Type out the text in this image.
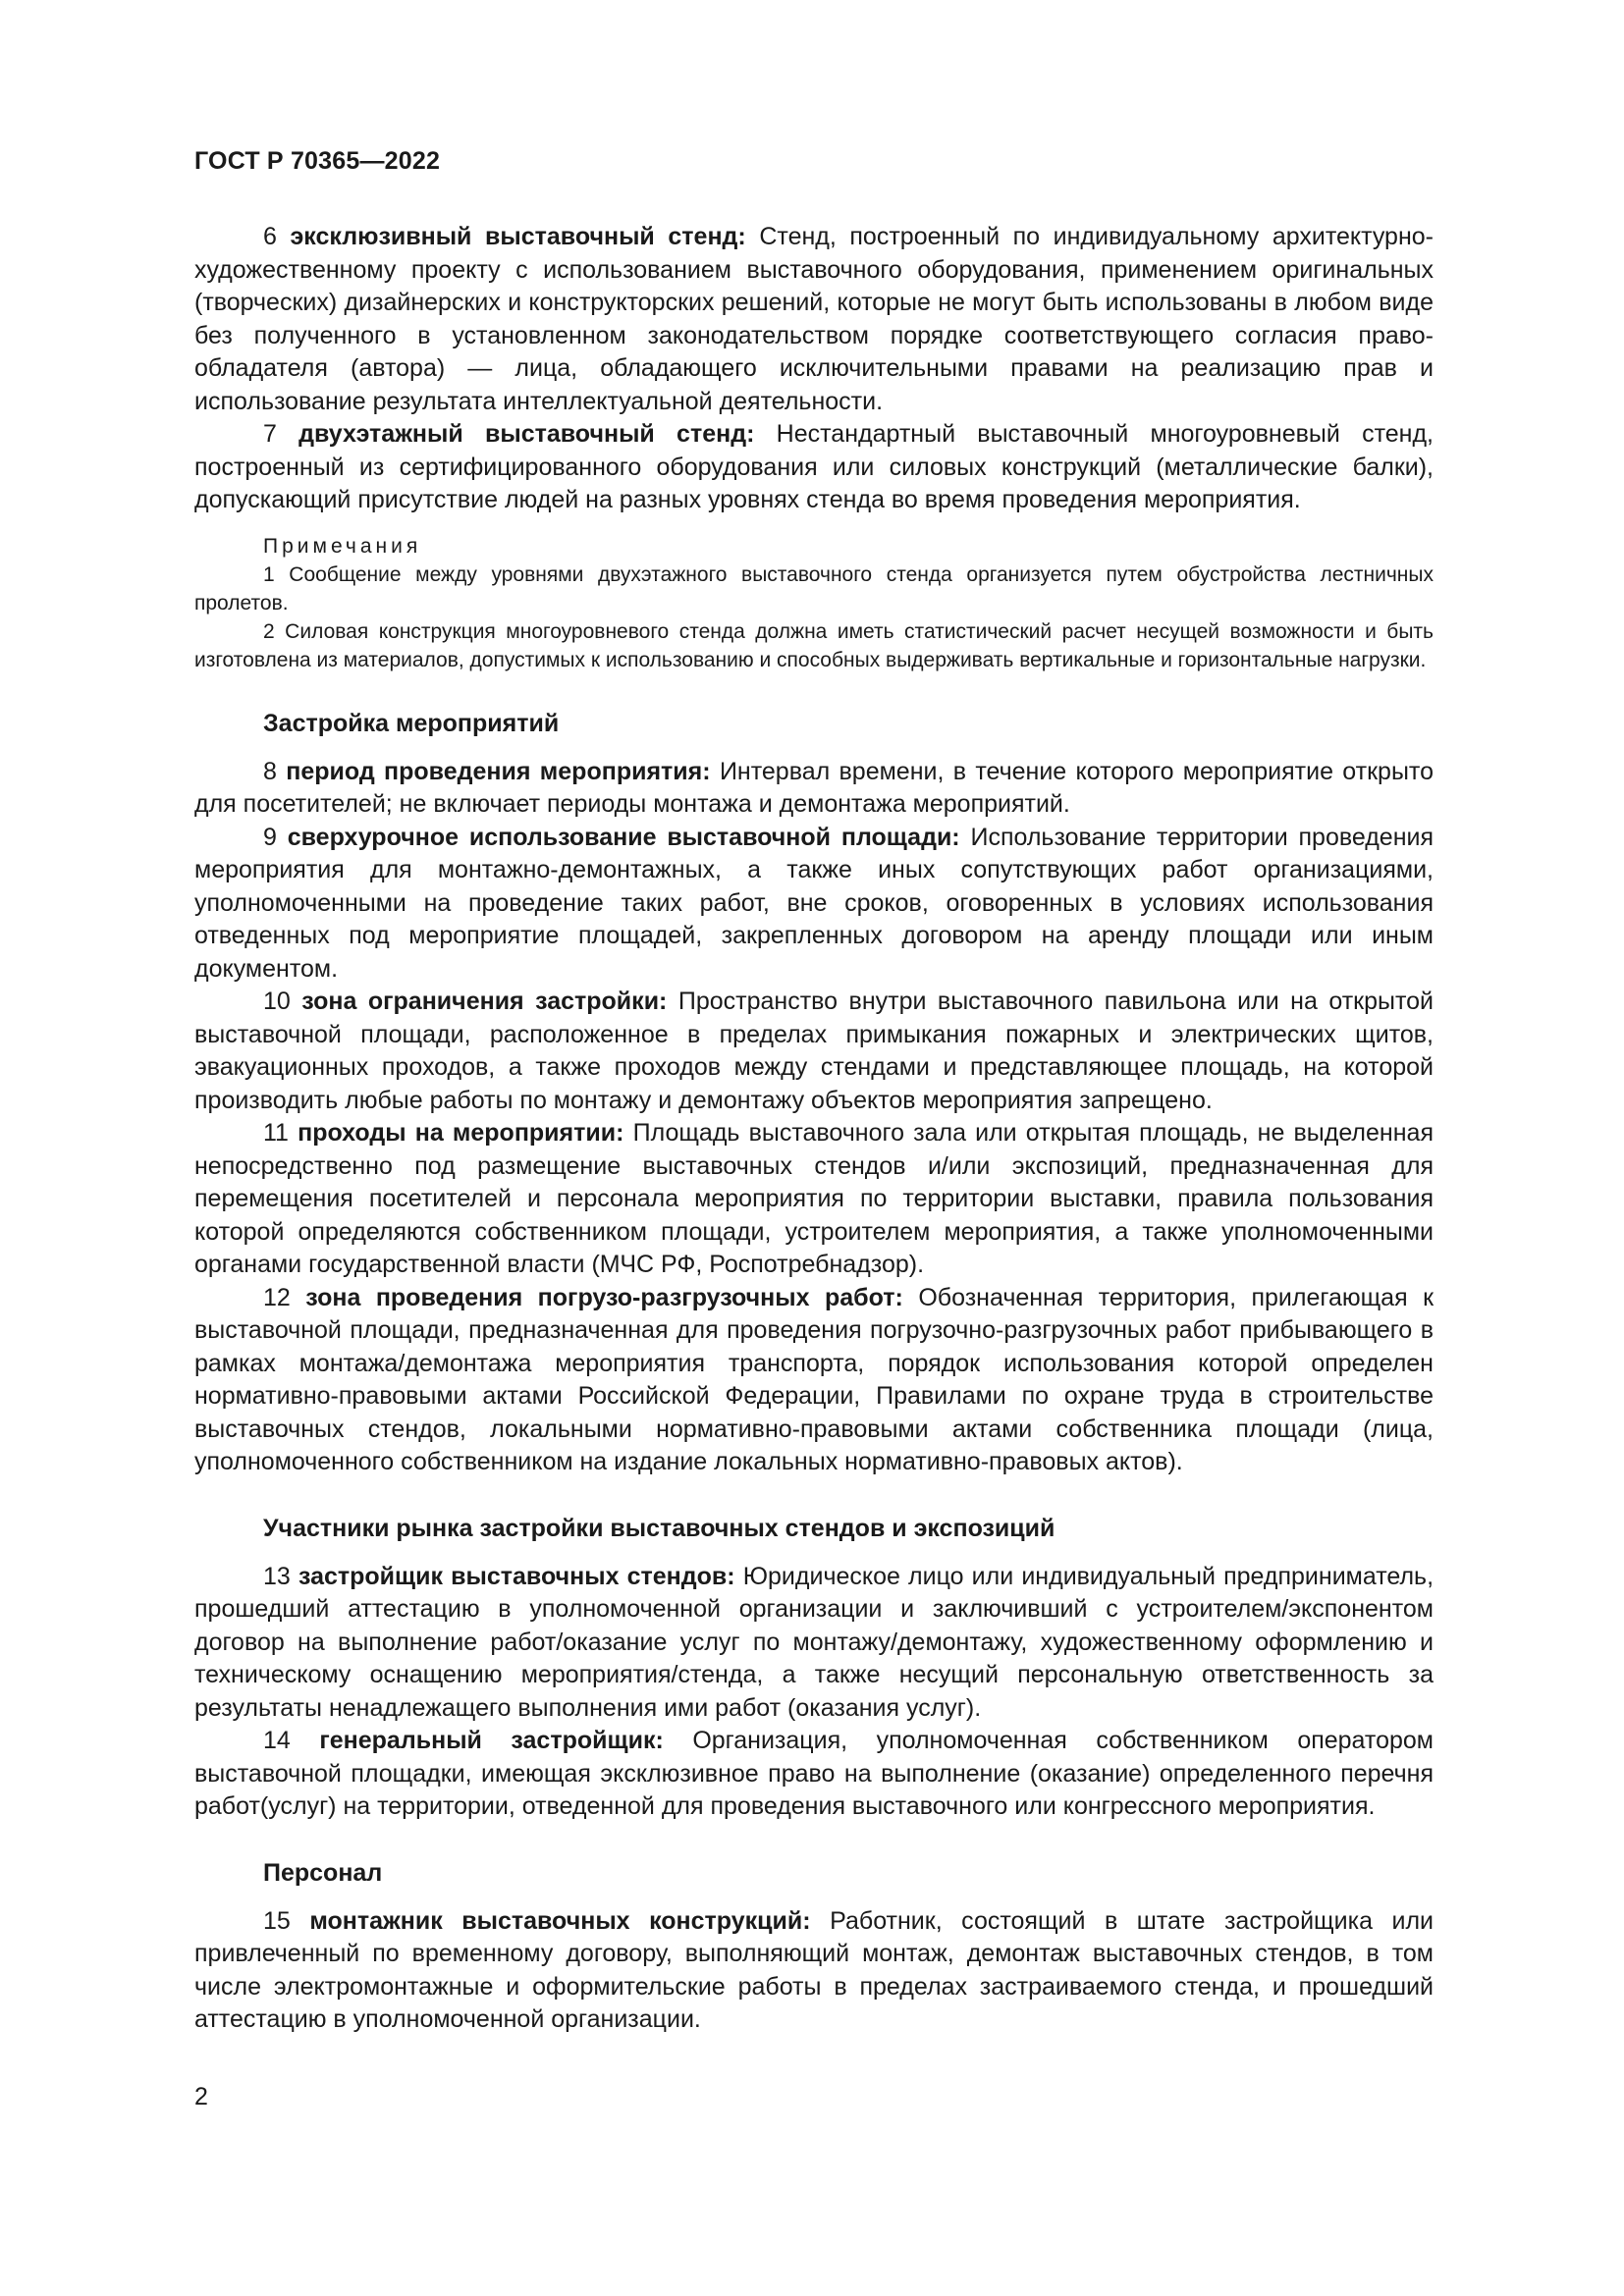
ГОСТ Р 70365—2022

6 эксклюзивный выставочный стенд: Стенд, построенный по индивидуальному архитектурно-художественному проекту с использованием выставочного оборудования, применением оригинальных (творческих) дизайнерских и конструкторских решений, которые не могут быть использованы в любом виде без полученного в установленном законодательством порядке соответствующего согласия право-обладателя (автора) — лица, обладающего исключительными правами на реализацию прав и использование результата интеллектуальной деятельности.

7 двухэтажный выставочный стенд: Нестандартный выставочный многоуровневый стенд, построенный из сертифицированного оборудования или силовых конструкций (металлические балки), допускающий присутствие людей на разных уровнях стенда во время проведения мероприятия.

Примечания

1 Сообщение между уровнями двухэтажного выставочного стенда организуется путем обустройства лестничных пролетов.

2 Силовая конструкция многоуровневого стенда должна иметь статистический расчет несущей возможности и быть изготовлена из материалов, допустимых к использованию и способных выдерживать вертикальные и горизонтальные нагрузки.

Застройка мероприятий

8 период проведения мероприятия: Интервал времени, в течение которого мероприятие открыто для посетителей; не включает периоды монтажа и демонтажа мероприятий.

9 сверхурочное использование выставочной площади: Использование территории проведения мероприятия для монтажно-демонтажных, а также иных сопутствующих работ организациями, уполномоченными на проведение таких работ, вне сроков, оговоренных в условиях использования отведенных под мероприятие площадей, закрепленных договором на аренду площади или иным документом.

10 зона ограничения застройки: Пространство внутри выставочного павильона или на открытой выставочной площади, расположенное в пределах примыкания пожарных и электрических щитов, эвакуационных проходов, а также проходов между стендами и представляющее площадь, на которой производить любые работы по монтажу и демонтажу объектов мероприятия запрещено.

11 проходы на мероприятии: Площадь выставочного зала или открытая площадь, не выделенная непосредственно под размещение выставочных стендов и/или экспозиций, предназначенная для перемещения посетителей и персонала мероприятия по территории выставки, правила пользования которой определяются собственником площади, устроителем мероприятия, а также уполномоченными органами государственной власти (МЧС РФ, Роспотребнадзор).

12 зона проведения погрузо-разгрузочных работ: Обозначенная территория, прилегающая к выставочной площади, предназначенная для проведения погрузочно-разгрузочных работ прибывающего в рамках монтажа/демонтажа мероприятия транспорта, порядок использования которой определен нормативно-правовыми актами Российской Федерации, Правилами по охране труда в строительстве выставочных стендов, локальными нормативно-правовыми актами собственника площади (лица, уполномоченного собственником на издание локальных нормативно-правовых актов).

Участники рынка застройки выставочных стендов и экспозиций

13 застройщик выставочных стендов: Юридическое лицо или индивидуальный предприниматель, прошедший аттестацию в уполномоченной организации и заключивший с устроителем/экспонентом договор на выполнение работ/оказание услуг по монтажу/демонтажу, художественному оформлению и техническому оснащению мероприятия/стенда, а также несущий персональную ответственность за результаты ненадлежащего выполнения ими работ (оказания услуг).

14 генеральный застройщик: Организация, уполномоченная собственником оператором выставочной площадки, имеющая эксклюзивное право на выполнение (оказание) определенного перечня работ(услуг) на территории, отведенной для проведения выставочного или конгрессного мероприятия.

Персонал

15 монтажник выставочных конструкций: Работник, состоящий в штате застройщика или привлеченный по временному договору, выполняющий монтаж, демонтаж выставочных стендов, в том числе электромонтажные и оформительские работы в пределах застраиваемого стенда, и прошедший аттестацию в уполномоченной организации.

2
